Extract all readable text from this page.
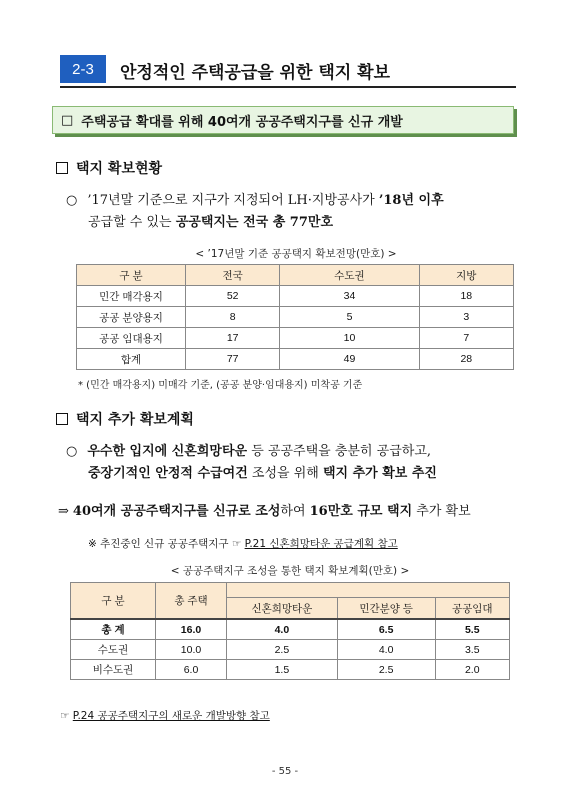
2-3	안정적인 주택공급을 위한 택지 확보
□ 주택공급 확대를 위해 40여개 공공주택지구를 신규 개발
택지 확보현황
○ ’17년말 기준으로 지구가 지정되어 LH·지방공사가 ’18년 이후
공급할 수 있는 공공택지는 전국 총 77만호
< ’17년말 기준 공공택지 확보전망(만호) >
구 분	전국	수도권	지방
민간 매각용지	52	34	18
공공 분양용지	8	5	3
공공 임대용지	17	10	7
합계	77	49	28
* (민간 매각용지) 미매각 기준, (공공 분양·임대용지) 미착공 기준
택지 추가 확보계획
○ 우수한 입지에 신혼희망타운 등 공공주택을 충분히 공급하고,
중장기적인 안정적 수급여건 조성을 위해 택지 추가 확보 추진
⇒ 40여개 공공주택지구를 신규로 조성하여 16만호 규모 택지 추가 확보
※ 추진중인 신규 공공주택지구 ☞ P.21 신혼희망타운 공급계획 참고
< 공공주택지구 조성을 통한 택지 확보계획(만호) >
구 분	총 주택			
		신혼희망타운	민간분양 등	공공임대
총 계	16.0	4.0	6.5	5.5
수도권	10.0	2.5	4.0	3.5
비수도권	6.0	1.5	2.5	2.0
☞ P.24 공공주택지구의 새로운 개발방향 참고
- 55 -
